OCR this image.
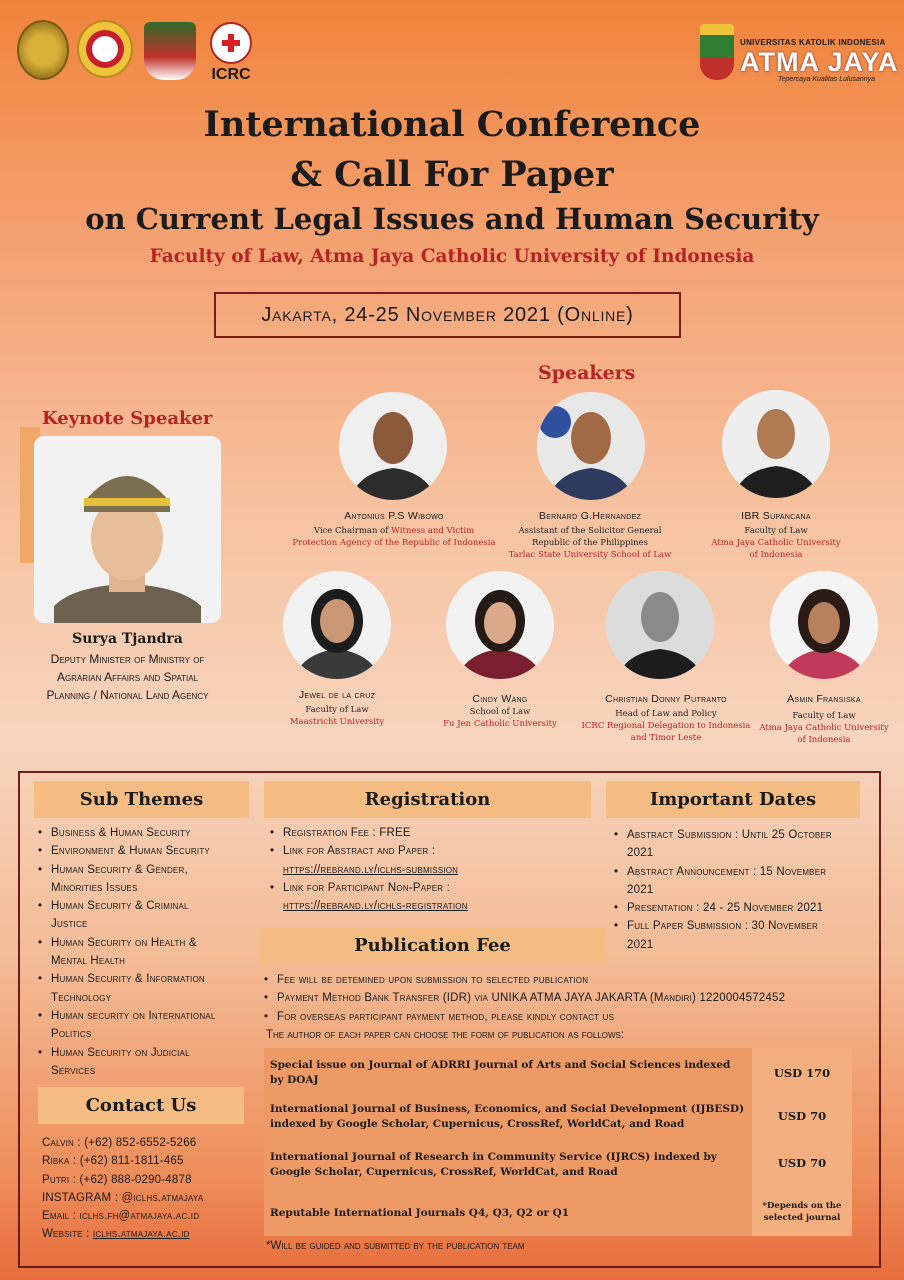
ICRC
UNIVERSITAS KATOLIK INDONESIA
ATMA JAYA
Tepercaya Kualitas Lulusannya
International Conference
& Call For Paper
on Current Legal Issues and Human Security
Faculty of Law, Atma Jaya Catholic University of Indonesia
Jakarta, 24-25 November 2021 (Online)
Speakers
Keynote Speaker
Surya Tjandra
Deputy Minister of Ministry of
Agrarian Affairs and Spatial
Planning / National Land Agency
Antonius P.S Wibowo
Vice Chairman of Witness and Victim
Protection Agency of the Republic of Indonesia
Bernard G.Hernandez
Assistant of the Solicitor General
Republic of the Philippines
Tarlac State University School of Law
IBR Supancana
Faculty of Law
Atma Jaya Catholic University
of Indonesia
Jewel de la cruz
Faculty of Law
Maastricht University
Cindy Wang
School of Law
Fu Jen Catholic University
Christian Donny Putranto
Head of Law and Policy
ICRC Regional Delegation to Indonesia
and Timor Leste
Asmin Fransiska
Faculty of Law
Atma Jaya Catholic University
of Indonesia
Sub Themes
• Business & Human Security
• Environment & Human Security
• Human Security & Gender,
Minorities Issues
• Human Security & Criminal
Justice
• Human Security on Health &
Mental Health
• Human Security & Information
Technology
• Human security on International
Politics
• Human Security on Judicial
Services
Registration
• Registration Fee : FREE
• Link for Abstract and Paper :
https://rebrand.ly/iclhs-submission
• Link for Participant Non-Paper :
https://rebrand.ly/ichls-registration
Important Dates
• Abstract Submission : Until 25 October
2021
• Abstract Announcement : 15 November
2021
• Presentation : 24 - 25 November 2021
• Full Paper Submission : 30 November
2021
Publication Fee
• Fee will be detemined upon submission to selected publication
• Payment Method Bank Transfer (IDR) via UNIKA ATMA JAYA JAKARTA (Mandiri) 1220004572452
• For overseas participant payment method, please kindly contact us
The author of each paper can choose the form of publication as follows:
Special issue on Journal of ADRRI Journal of Arts and Social Sciences indexed
by DOAJ	USD 170
International Journal of Business, Economics, and Social Development (IJBESD)
indexed by Google Scholar, Cupernicus, CrossRef, WorldCat, and Road
USD 70
International Journal of Research in Community Service (IJRCS) indexed by
Google Scholar, Cupernicus, CrossRef, WorldCat, and Road
USD 70
Reputable International Journals Q4, Q3, Q2 or Q1
*Depends on the
selected journal
*Will be guided and submitted by the publication team
Contact Us
Calvin : (+62) 852-6552-5266
Ribka : (+62) 811-1811-465
Putri : (+62) 888-0290-4878
INSTAGRAM : @iclhs.atmajaya
Email : iclhs.fh@atmajaya.ac.id
Website : iclhs.atmajaya.ac.id
